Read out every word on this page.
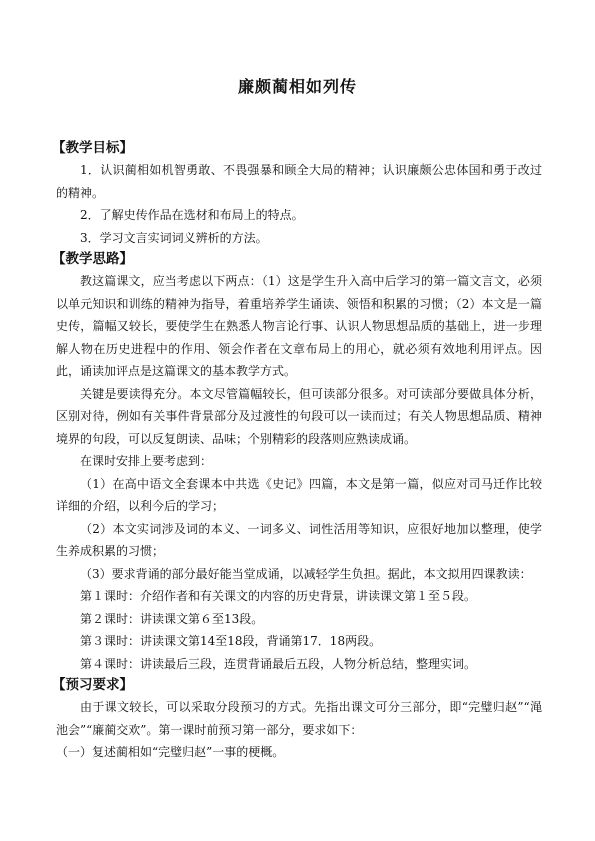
廉颇蔺相如列传
【教学目标】

1．认识蔺相如机智勇敢、不畏强暴和顾全大局的精神；认识廉颇公忠体国和勇于改过的精神。

2．了解史传作品在选材和布局上的特点。

3．学习文言实词词义辨析的方法。

【教学思路】

教这篇课文，应当考虑以下两点：（1）这是学生升入高中后学习的第一篇文言文，必须以单元知识和训练的精神为指导，着重培养学生诵读、领悟和积累的习惯；（2）本文是一篇史传，篇幅又较长，要使学生在熟悉人物言论行事、认识人物思想品质的基础上，进一步理解人物在历史进程中的作用、领会作者在文章布局上的用心，就必须有效地利用评点。因此，诵读加评点是这篇课文的基本教学方式。

关键是要读得充分。本文尽管篇幅较长，但可读部分很多。对可读部分要做具体分析，区别对待，例如有关事件背景部分及过渡性的句段可以一读而过；有关人物思想品质、精神境界的句段，可以反复朗读、品味；个别精彩的段落则应熟读成诵。

在课时安排上要考虑到：

（1）在高中语文全套课本中共选《史记》四篇，本文是第一篇，似应对司马迁作比较详细的介绍，以利今后的学习；

（2）本文实词涉及词的本义、一词多义、词性活用等知识，应很好地加以整理，使学生养成积累的习惯；

（3）要求背诵的部分最好能当堂成诵，以减轻学生负担。据此，本文拟用四课教读：

第１课时：介绍作者和有关课文的内容的历史背景，讲读课文第１至５段。

第２课时：讲读课文第６至13段。

第３课时：讲读课文第14至18段，背诵第17．18两段。

第４课时：讲读最后三段，连贯背诵最后五段，人物分析总结，整理实词。

【预习要求】

由于课文较长，可以采取分段预习的方式。先指出课文可分三部分，即“完璧归赵”“渑池会”“廉蔺交欢”。第一课时前预习第一部分，要求如下：

（一）复述蔺相如“完璧归赵”一事的梗概。
